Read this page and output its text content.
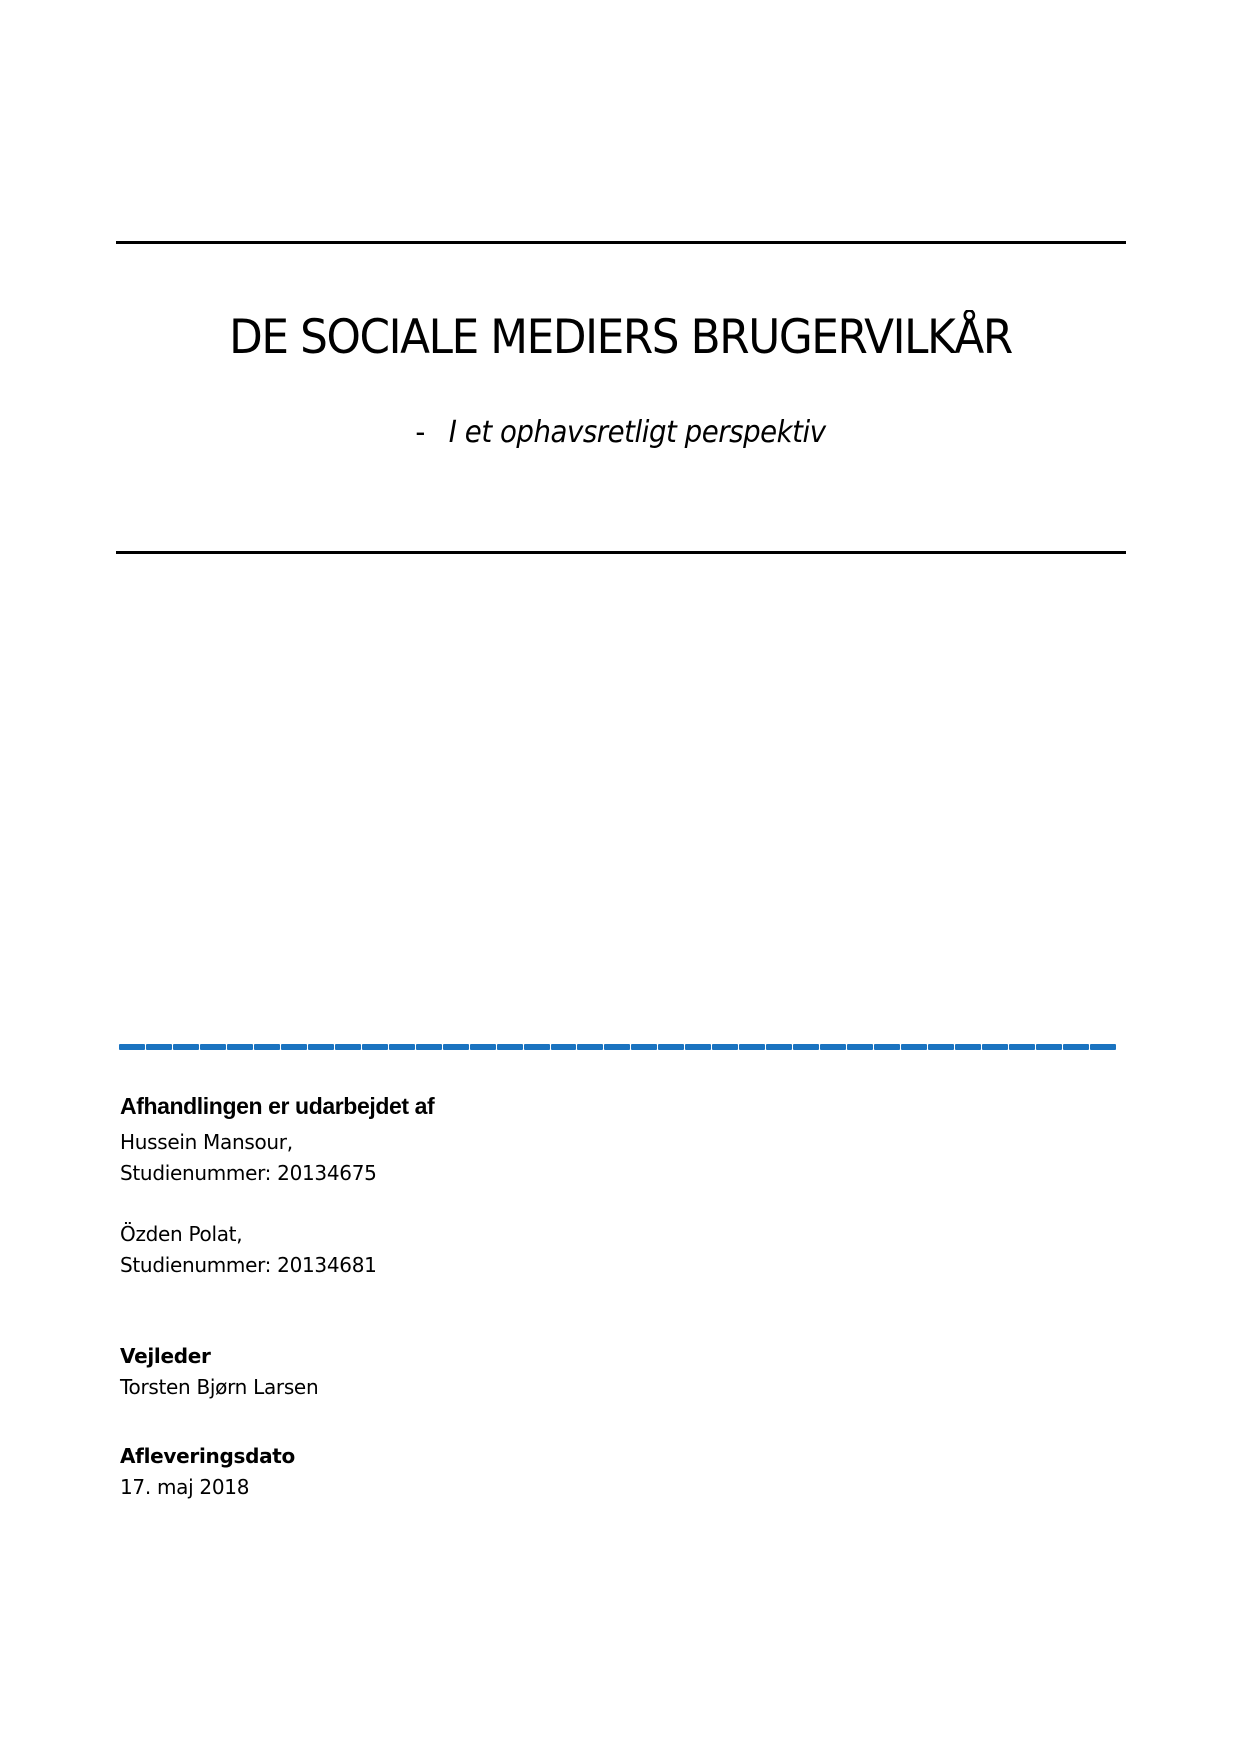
DE SOCIALE MEDIERS BRUGERVILKÅR
- I et ophavsretligt perspektiv
Afhandlingen er udarbejdet af
Hussein Mansour,
Studienummer: 20134675
Özden Polat,
Studienummer: 20134681
Vejleder
Torsten Bjørn Larsen
Afleveringsdato
17. maj 2018
